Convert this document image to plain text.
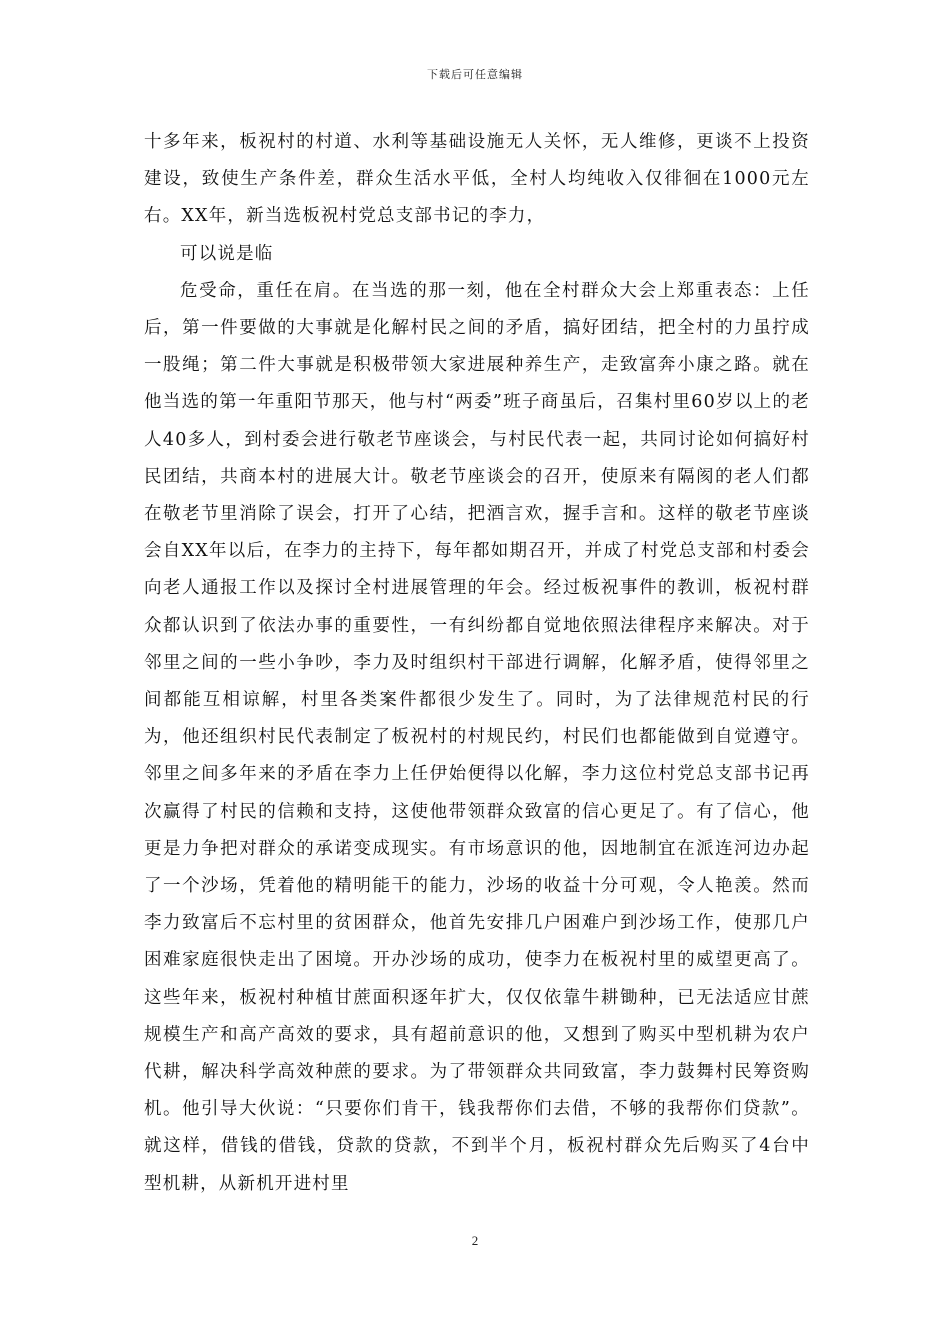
下载后可任意编辑

十多年来，板祝村的村道、水利等基础设施无人关怀，无人维修，更谈不上投资建设，致使生产条件差，群众生活水平低，全村人均纯收入仅徘徊在1000元左右。XX年，新当选板祝村党总支部书记的李力，

可以说是临

危受命，重任在肩。在当选的那一刻，他在全村群众大会上郑重表态：上任后，第一件要做的大事就是化解村民之间的矛盾，搞好团结，把全村的力虽拧成一股绳；第二件大事就是积极带领大家进展种养生产，走致富奔小康之路。就在他当选的第一年重阳节那天，他与村“两委”班子商虽后，召集村里60岁以上的老人40多人，到村委会进行敬老节座谈会，与村民代表一起，共同讨论如何搞好村民团结，共商本村的进展大计。敬老节座谈会的召开，使原来有隔阂的老人们都在敬老节里消除了误会，打开了心结，把酒言欢，握手言和。这样的敬老节座谈会自XX年以后，在李力的主持下，每年都如期召开，并成了村党总支部和村委会向老人通报工作以及探讨全村进展管理的年会。经过板祝事件的教训，板祝村群众都认识到了依法办事的重要性，一有纠纷都自觉地依照法律程序来解决。对于邻里之间的一些小争吵，李力及时组织村干部进行调解，化解矛盾，使得邻里之间都能互相谅解，村里各类案件都很少发生了。同时，为了法律规范村民的行为，他还组织村民代表制定了板祝村的村规民约，村民们也都能做到自觉遵守。邻里之间多年来的矛盾在李力上任伊始便得以化解，李力这位村党总支部书记再次赢得了村民的信赖和支持，这使他带领群众致富的信心更足了。有了信心，他更是力争把对群众的承诺变成现实。有市场意识的他，因地制宜在派连河边办起了一个沙场，凭着他的精明能干的能力，沙场的收益十分可观，令人艳羡。然而李力致富后不忘村里的贫困群众，他首先安排几户困难户到沙场工作，使那几户困难家庭很快走出了困境。开办沙场的成功，使李力在板祝村里的威望更高了。这些年来，板祝村种植甘蔗面积逐年扩大，仅仅依靠牛耕锄种，已无法适应甘蔗规模生产和高产高效的要求，具有超前意识的他，又想到了购买中型机耕为农户代耕，解决科学高效种蔗的要求。为了带领群众共同致富，李力鼓舞村民筹资购机。他引导大伙说：“只要你们肯干，钱我帮你们去借，不够的我帮你们贷款”。就这样，借钱的借钱，贷款的贷款，不到半个月，板祝村群众先后购买了4台中型机耕，从新机开进村里

2
